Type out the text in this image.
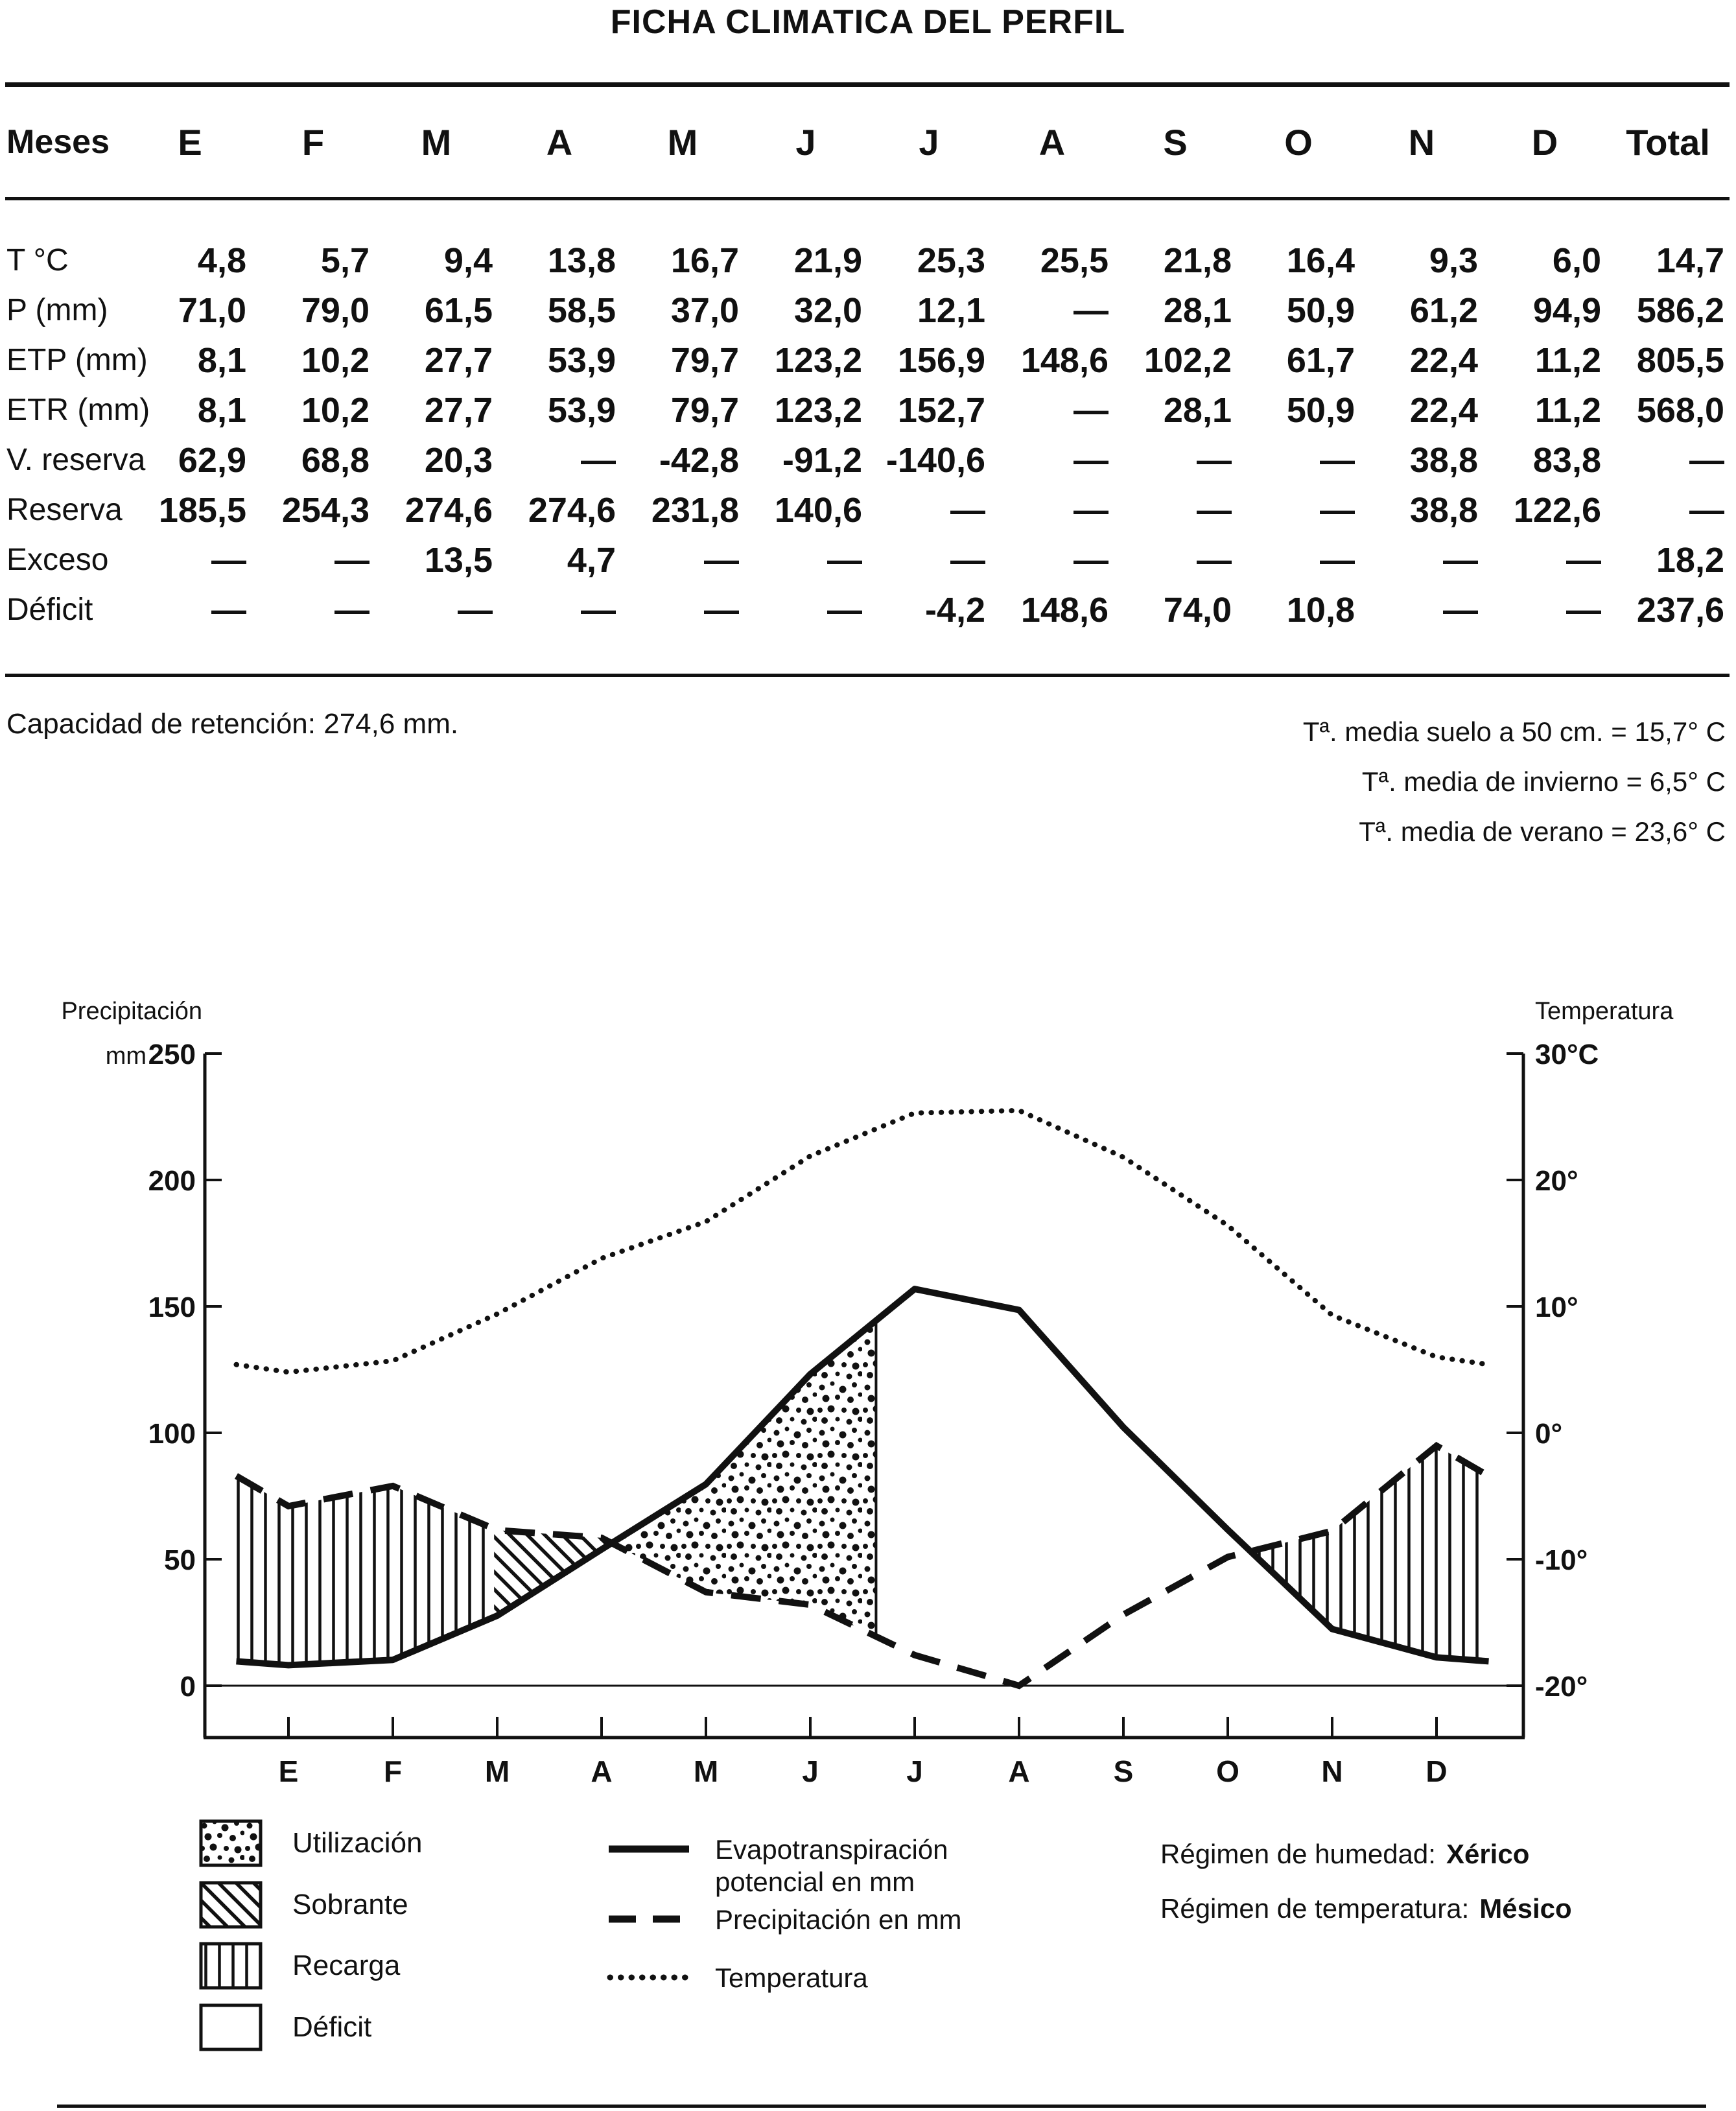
FICHA CLIMATICA DEL PERFIL
Meses	E	F	M	A	M	J	J	A	S	O	N	D	Total
T °C	4,8	5,7	9,4	13,8	16,7	21,9	25,3	25,5	21,8	16,4	9,3	6,0	14,7
P (mm)	71,0	79,0	61,5	58,5	37,0	32,0	12,1	—	28,1	50,9	61,2	94,9	586,2
ETP (mm)	8,1	10,2	27,7	53,9	79,7	123,2	156,9	148,6	102,2	61,7	22,4	11,2	805,5
ETR (mm)	8,1	10,2	27,7	53,9	79,7	123,2	152,7	—	28,1	50,9	22,4	11,2	568,0
V. reserva	62,9	68,8	20,3	—	-42,8	-91,2	-140,6	—	—	—	38,8	83,8	—
Reserva	185,5	254,3	274,6	274,6	231,8	140,6	—	—	—	—	38,8	122,6	—
Exceso	—	—	13,5	4,7	—	—	—	—	—	—	—	—	18,2
Déficit	—	—	—	—	—	—	-4,2	148,6	74,0	10,8	—	—	237,6
Capacidad de retención: 274,6 mm.	Tª. media suelo a 50 cm. = 15,7° C
Tª. media de invierno = 6,5° C
Tª. media de verano = 23,6° C
250
200
150
100
50
0
mm
Precipitación
30°C
20°
10°
0°
-10°
-20°
Temperatura
E	F	M	A	M	J	J	A	S	O	N	D
Utilización
Sobrante
Recarga
Déficit
Evapotranspiración
potencial en mm
Precipitación en mm
Temperatura
Régimen de humedad: Xérico
Régimen de temperatura: Mésico
